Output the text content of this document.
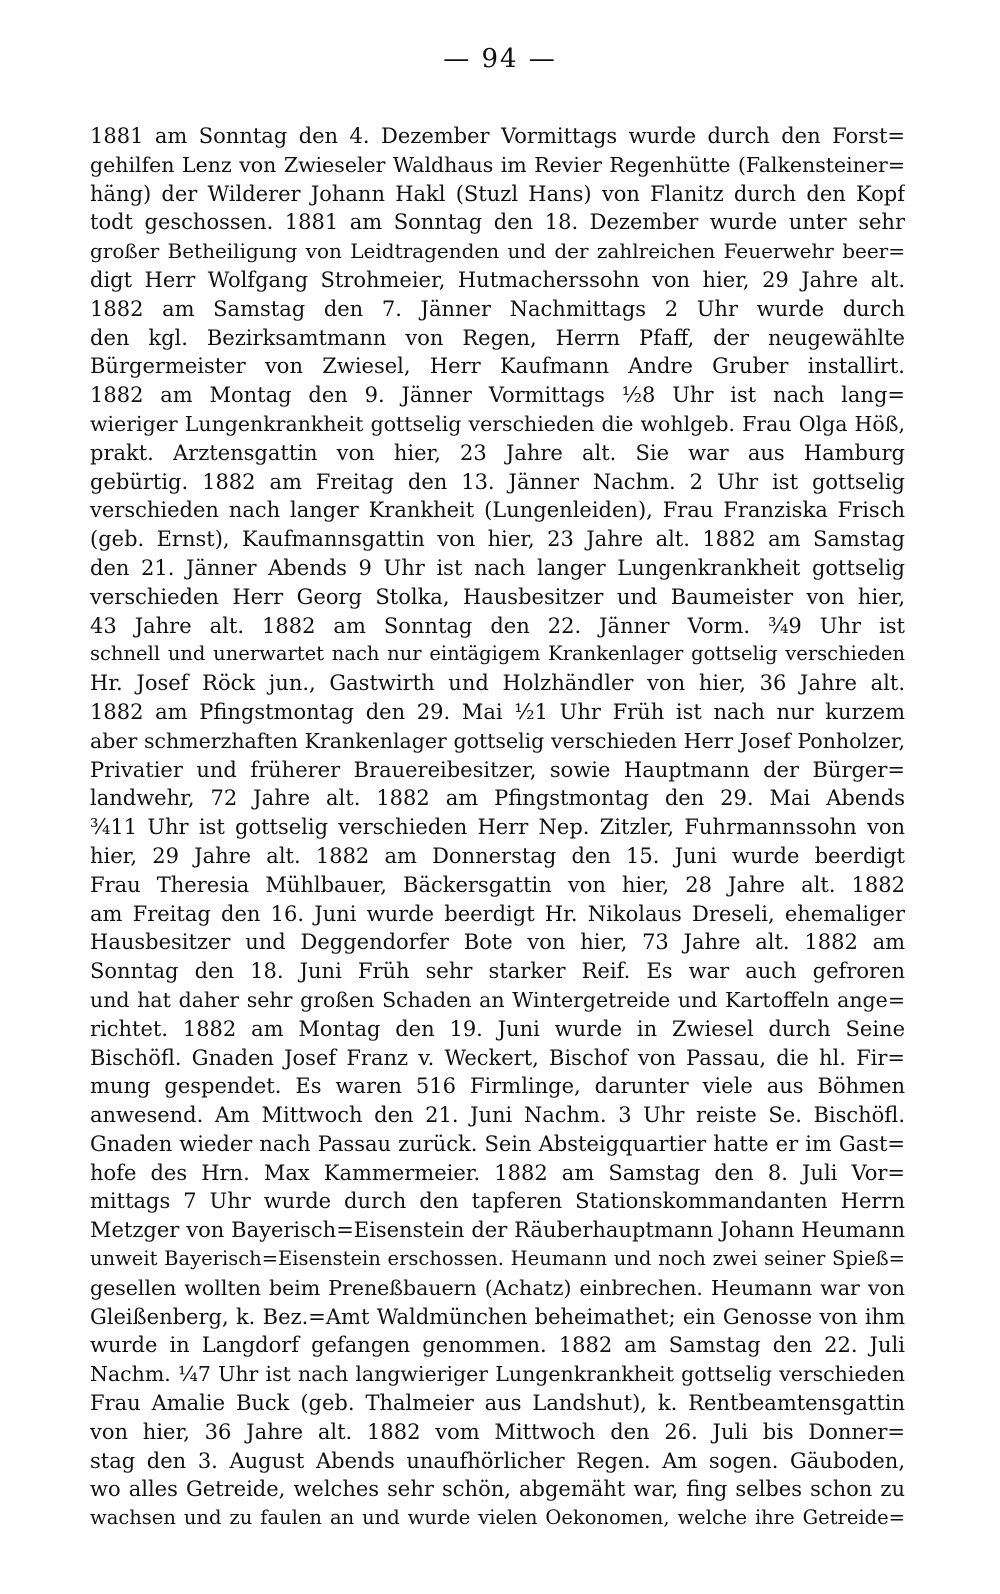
— 94 —
1881 am Sonntag den 4. Dezember Vormittags wurde durch den Forst=
gehilfen Lenz von Zwieseler Waldhaus im Revier Regenhütte (Falkensteiner=
häng) der Wilderer Johann Hakl (Stuzl Hans) von Flanitz durch den Kopf
todt geschossen. 1881 am Sonntag den 18. Dezember wurde unter sehr
großer Betheiligung von Leidtragenden und der zahlreichen Feuerwehr beer=
digt Herr Wolfgang Strohmeier, Hutmacherssohn von hier, 29 Jahre alt.
1882 am Samstag den 7. Jänner Nachmittags 2 Uhr wurde durch
den kgl. Bezirksamtmann von Regen, Herrn Pfaff, der neugewählte
Bürgermeister von Zwiesel, Herr Kaufmann Andre Gruber installirt.
1882 am Montag den 9. Jänner Vormittags ½8 Uhr ist nach lang=
wieriger Lungenkrankheit gottselig verschieden die wohlgeb. Frau Olga Höß,
prakt. Arztensgattin von hier, 23 Jahre alt. Sie war aus Hamburg
gebürtig. 1882 am Freitag den 13. Jänner Nachm. 2 Uhr ist gottselig
verschieden nach langer Krankheit (Lungenleiden), Frau Franziska Frisch
(geb. Ernst), Kaufmannsgattin von hier, 23 Jahre alt. 1882 am Samstag
den 21. Jänner Abends 9 Uhr ist nach langer Lungenkrankheit gottselig
verschieden Herr Georg Stolka, Hausbesitzer und Baumeister von hier,
43 Jahre alt. 1882 am Sonntag den 22. Jänner Vorm. ¾9 Uhr ist
schnell und unerwartet nach nur eintägigem Krankenlager gottselig verschieden
Hr. Josef Röck jun., Gastwirth und Holzhändler von hier, 36 Jahre alt.
1882 am Pfingstmontag den 29. Mai ½1 Uhr Früh ist nach nur kurzem
aber schmerzhaften Krankenlager gottselig verschieden Herr Josef Ponholzer,
Privatier und früherer Brauereibesitzer, sowie Hauptmann der Bürger=
landwehr, 72 Jahre alt. 1882 am Pfingstmontag den 29. Mai Abends
¾11 Uhr ist gottselig verschieden Herr Nep. Zitzler, Fuhrmannssohn von
hier, 29 Jahre alt. 1882 am Donnerstag den 15. Juni wurde beerdigt
Frau Theresia Mühlbauer, Bäckersgattin von hier, 28 Jahre alt. 1882
am Freitag den 16. Juni wurde beerdigt Hr. Nikolaus Dreseli, ehemaliger
Hausbesitzer und Deggendorfer Bote von hier, 73 Jahre alt. 1882 am
Sonntag den 18. Juni Früh sehr starker Reif. Es war auch gefroren
und hat daher sehr großen Schaden an Wintergetreide und Kartoffeln ange=
richtet. 1882 am Montag den 19. Juni wurde in Zwiesel durch Seine
Bischöfl. Gnaden Josef Franz v. Weckert, Bischof von Passau, die hl. Fir=
mung gespendet. Es waren 516 Firmlinge, darunter viele aus Böhmen
anwesend. Am Mittwoch den 21. Juni Nachm. 3 Uhr reiste Se. Bischöfl.
Gnaden wieder nach Passau zurück. Sein Absteigquartier hatte er im Gast=
hofe des Hrn. Max Kammermeier. 1882 am Samstag den 8. Juli Vor=
mittags 7 Uhr wurde durch den tapferen Stationskommandanten Herrn
Metzger von Bayerisch=Eisenstein der Räuberhauptmann Johann Heumann
unweit Bayerisch=Eisenstein erschossen. Heumann und noch zwei seiner Spieß=
gesellen wollten beim Preneßbauern (Achatz) einbrechen. Heumann war von
Gleißenberg, k. Bez.=Amt Waldmünchen beheimathet; ein Genosse von ihm
wurde in Langdorf gefangen genommen. 1882 am Samstag den 22. Juli
Nachm. ¼7 Uhr ist nach langwieriger Lungenkrankheit gottselig verschieden
Frau Amalie Buck (geb. Thalmeier aus Landshut), k. Rentbeamtensgattin
von hier, 36 Jahre alt. 1882 vom Mittwoch den 26. Juli bis Donner=
stag den 3. August Abends unaufhörlicher Regen. Am sogen. Gäuboden,
wo alles Getreide, welches sehr schön, abgemäht war, fing selbes schon zu
wachsen und zu faulen an und wurde vielen Oekonomen, welche ihre Getreide=
